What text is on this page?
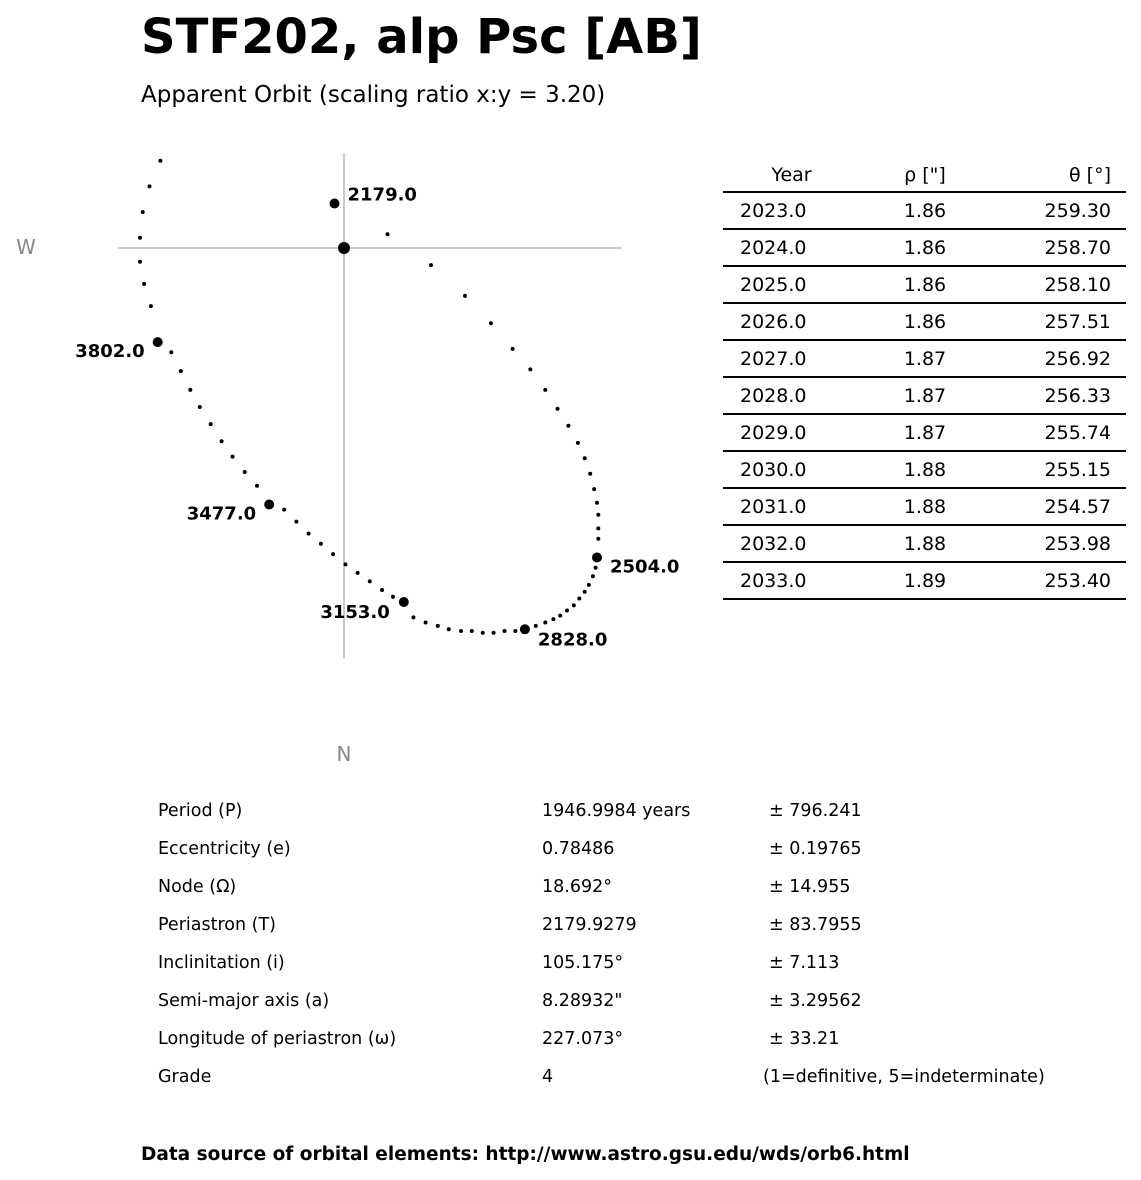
STF202, alp Psc [AB]
Apparent Orbit (scaling ratio x:y = 3.20)
2179.0
2504.0
2828.0
3153.0
3477.0
3802.0
W
N
Year	ρ ["]	θ [°]
2023.0	1.86	259.30
2024.0	1.86	258.70
2025.0	1.86	258.10
2026.0	1.86	257.51
2027.0	1.87	256.92
2028.0	1.87	256.33
2029.0	1.87	255.74
2030.0	1.88	255.15
2031.0	1.88	254.57
2032.0	1.88	253.98
2033.0	1.89	253.40
Period (P)	1946.9984 years	± 796.241
Eccentricity (e)	0.78486	± 0.19765
Node (Ω)	18.692°	± 14.955
Periastron (T)	2179.9279	± 83.7955
Inclinitation (i)	105.175°	± 7.113
Semi-major axis (a)	8.28932"	± 3.29562
Longitude of periastron (ω)	227.073°	± 33.21
Grade	4	(1=definitive, 5=indeterminate)
Data source of orbital elements: http://www.astro.gsu.edu/wds/orb6.html
